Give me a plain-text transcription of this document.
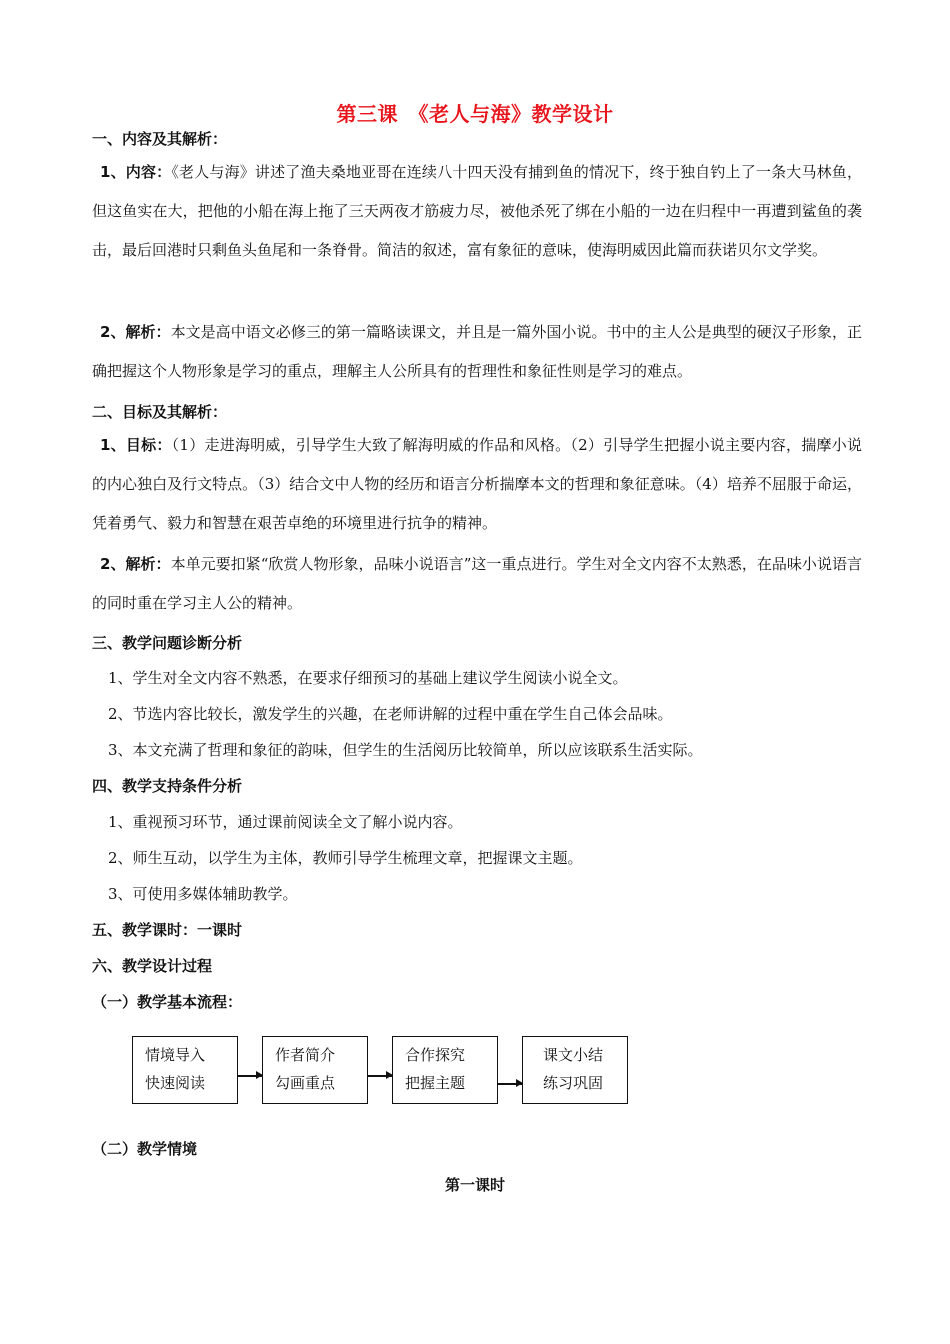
第三课　《老人与海》教学设计
一、内容及其解析：
1、内容：《老人与海》讲述了渔夫桑地亚哥在连续八十四天没有捕到鱼的情况下，终于独自钓上了一条大马林鱼，但这鱼实在大，把他的小船在海上拖了三天两夜才筋疲力尽，被他杀死了绑在小船的一边在归程中一再遭到鲨鱼的袭击，最后回港时只剩鱼头鱼尾和一条脊骨。简洁的叙述，富有象征的意味，使海明威因此篇而获诺贝尔文学奖。
2、解析：本文是高中语文必修三的第一篇略读课文，并且是一篇外国小说。书中的主人公是典型的硬汉子形象，正确把握这个人物形象是学习的重点，理解主人公所具有的哲理性和象征性则是学习的难点。
二、目标及其解析：
1、目标：（1）走进海明威，引导学生大致了解海明威的作品和风格。（2）引导学生把握小说主要内容，揣摩小说的内心独白及行文特点。（3）结合文中人物的经历和语言分析揣摩本文的哲理和象征意味。（4）培养不屈服于命运，凭着勇气、毅力和智慧在艰苦卓绝的环境里进行抗争的精神。
2、解析：本单元要扣紧“欣赏人物形象，品味小说语言”这一重点进行。学生对全文内容不太熟悉，在品味小说语言的同时重在学习主人公的精神。
三、教学问题诊断分析
1、学生对全文内容不熟悉，在要求仔细预习的基础上建议学生阅读小说全文。
2、节选内容比较长，激发学生的兴趣，在老师讲解的过程中重在学生自己体会品味。
3、本文充满了哲理和象征的韵味，但学生的生活阅历比较简单，所以应该联系生活实际。
四、教学支持条件分析
1、重视预习环节，通过课前阅读全文了解小说内容。
2、师生互动，以学生为主体，教师引导学生梳理文章，把握课文主题。
3、可使用多媒体辅助教学。
五、教学课时：一课时
六、教学设计过程
（一）教学基本流程：
情境导入
快速阅读
作者简介
勾画重点
合作探究
把握主题
课文小结
练习巩固
（二）教学情境
第一课时
